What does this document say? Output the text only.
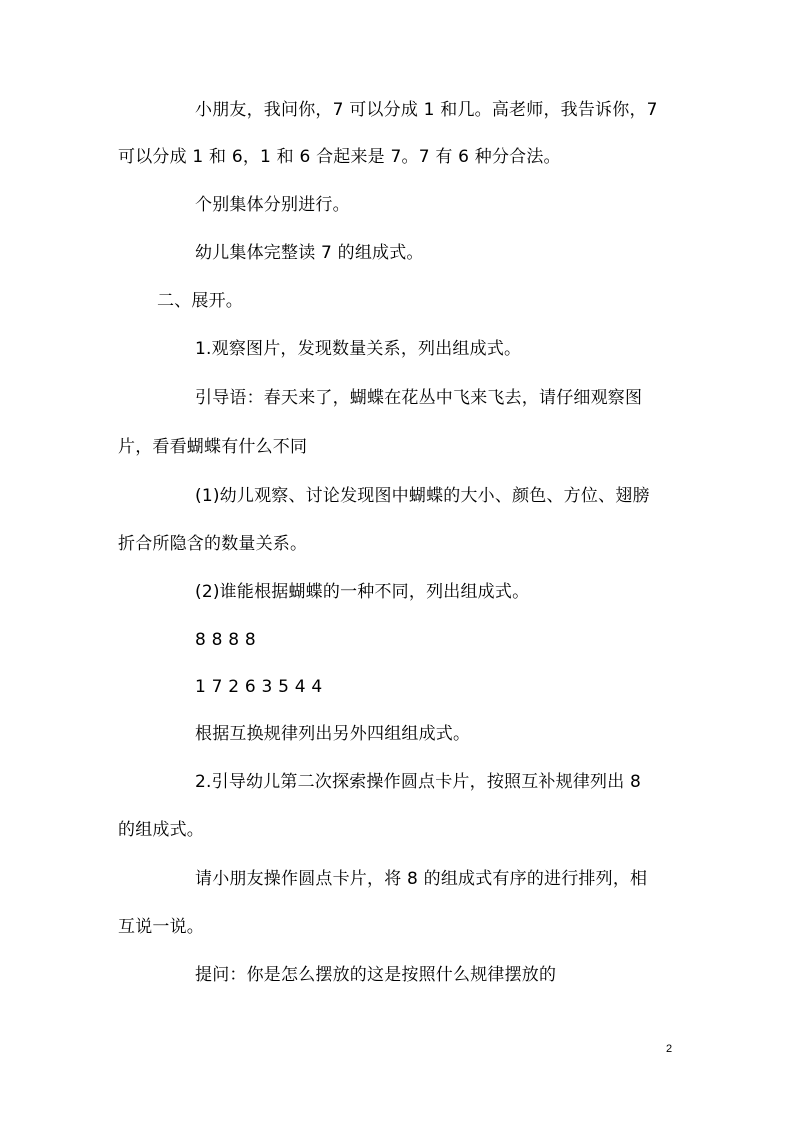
小朋友，我问你，7 可以分成 1 和几。高老师，我告诉你，7
可以分成 1 和 6，1 和 6 合起来是 7。7 有 6 种分合法。
个别集体分别进行。
幼儿集体完整读 7 的组成式。
二、展开。
1.观察图片，发现数量关系，列出组成式。
引导语：春天来了，蝴蝶在花丛中飞来飞去，请仔细观察图
片，看看蝴蝶有什么不同
(1)幼儿观察、讨论发现图中蝴蝶的大小、颜色、方位、翅膀
折合所隐含的数量关系。
(2)谁能根据蝴蝶的一种不同，列出组成式。
8 8 8 8
1 7 2 6 3 5 4 4
根据互换规律列出另外四组组成式。
2.引导幼儿第二次探索操作圆点卡片，按照互补规律列出 8
的组成式。
请小朋友操作圆点卡片，将 8 的组成式有序的进行排列，相
互说一说。
提问：你是怎么摆放的这是按照什么规律摆放的
2
